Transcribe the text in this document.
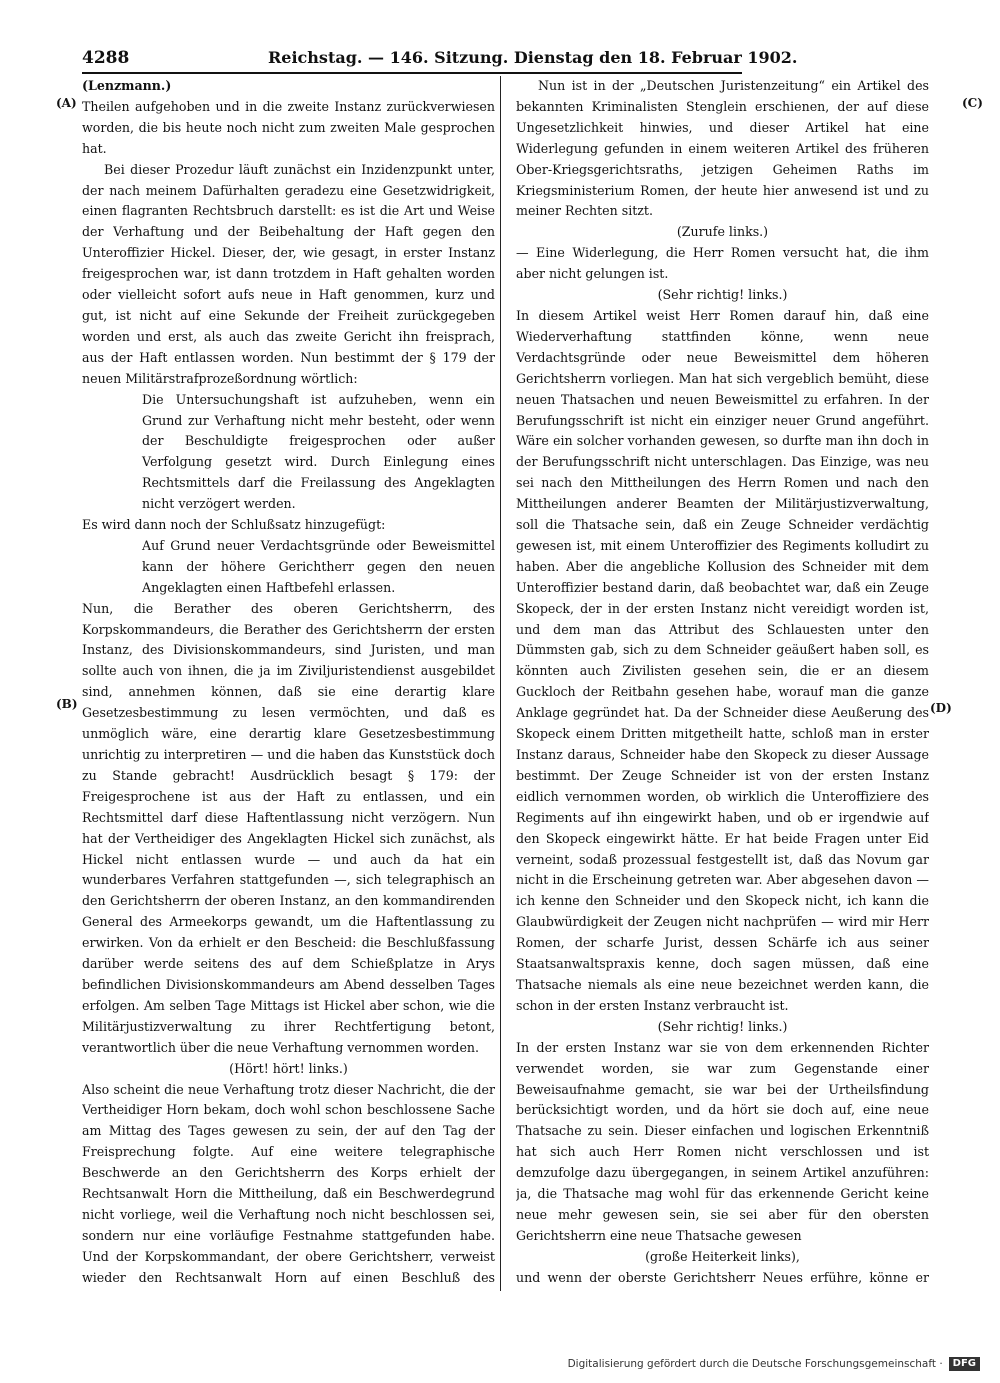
4288	Reichstag. — 146. Sitzung. Dienstag den 18. Februar 1902.
(A)
(B)
(C)
(D)

(Lenzmann.)

Theilen aufgehoben und in die zweite Instanz zurückverwiesen worden, die bis heute noch nicht zum zweiten Male gesprochen hat.

Bei dieser Prozedur läuft zunächst ein Inzidenzpunkt unter, der nach meinem Dafürhalten geradezu eine Gesetzwidrigkeit, einen flagranten Rechtsbruch darstellt: es ist die Art und Weise der Verhaftung und der Beibehaltung der Haft gegen den Unteroffizier Hickel. Dieser, der, wie gesagt, in erster Instanz freigesprochen war, ist dann trotzdem in Haft gehalten worden oder vielleicht sofort aufs neue in Haft genommen, kurz und gut, ist nicht auf eine Sekunde der Freiheit zurückgegeben worden und erst, als auch das zweite Gericht ihn freisprach, aus der Haft entlassen worden. Nun bestimmt der § 179 der neuen Militärstrafprozeßordnung wörtlich:

Die Untersuchungshaft ist aufzuheben, wenn ein Grund zur Verhaftung nicht mehr besteht, oder wenn der Beschuldigte freigesprochen oder außer Verfolgung gesetzt wird. Durch Einlegung eines Rechtsmittels darf die Freilassung des Angeklagten nicht verzögert werden.

Es wird dann noch der Schlußsatz hinzugefügt:

Auf Grund neuer Verdachtsgründe oder Beweismittel kann der höhere Gerichtherr gegen den neuen Angeklagten einen Haftbefehl erlassen.

Nun, die Berather des oberen Gerichtsherrn, des Korpskommandeurs, die Berather des Gerichtsherrn der ersten Instanz, des Divisionskommandeurs, sind Juristen, und man sollte auch von ihnen, die ja im Ziviljuristendienst ausgebildet sind, annehmen können, daß sie eine derartig klare Gesetzesbestimmung zu lesen vermöchten, und daß es unmöglich wäre, eine derartig klare Gesetzesbestimmung unrichtig zu interpretiren — und die haben das Kunststück doch zu Stande gebracht! Ausdrücklich besagt § 179: der Freigesprochene ist aus der Haft zu entlassen, und ein Rechtsmittel darf diese Haftentlassung nicht verzögern. Nun hat der Vertheidiger des Angeklagten Hickel sich zunächst, als Hickel nicht entlassen wurde — und auch da hat ein wunderbares Verfahren stattgefunden —, sich telegraphisch an den Gerichtsherrn der oberen Instanz, an den kommandirenden General des Armeekorps gewandt, um die Haftentlassung zu erwirken. Von da erhielt er den Bescheid: die Beschlußfassung darüber werde seitens des auf dem Schießplatze in Arys befindlichen Divisionskommandeurs am Abend desselben Tages erfolgen. Am selben Tage Mittags ist Hickel aber schon, wie die Militärjustizverwaltung zu ihrer Rechtfertigung betont, verantwortlich über die neue Verhaftung vernommen worden.

(Hört! hört! links.)

Also scheint die neue Verhaftung trotz dieser Nachricht, die der Vertheidiger Horn bekam, doch wohl schon beschlossene Sache am Mittag des Tages gewesen zu sein, der auf den Tag der Freisprechung folgte. Auf eine weitere telegraphische Beschwerde an den Gerichtsherrn des Korps erhielt der Rechtsanwalt Horn die Mittheilung, daß ein Beschwerdegrund nicht vorliege, weil die Verhaftung noch nicht beschlossen sei, sondern nur eine vorläufige Festnahme stattgefunden habe. Und der Korpskommandant, der obere Gerichtsherr, verweist wieder den Rechtsanwalt Horn auf einen Beschluß des

Nun ist in der „Deutschen Juristenzeitung“ ein Artikel des bekannten Kriminalisten Stenglein erschienen, der auf diese Ungesetzlichkeit hinwies, und dieser Artikel hat eine Widerlegung gefunden in einem weiteren Artikel des früheren Ober-Kriegsgerichtsraths, jetzigen Geheimen Raths im Kriegsministerium Romen, der heute hier anwesend ist und zu meiner Rechten sitzt.

(Zurufe links.)

— Eine Widerlegung, die Herr Romen versucht hat, die ihm aber nicht gelungen ist.

(Sehr richtig! links.)

In diesem Artikel weist Herr Romen darauf hin, daß eine Wiederverhaftung stattfinden könne, wenn neue Verdachtsgründe oder neue Beweismittel dem höheren Gerichtsherrn vorliegen. Man hat sich vergeblich bemüht, diese neuen Thatsachen und neuen Beweismittel zu erfahren. In der Berufungsschrift ist nicht ein einziger neuer Grund angeführt. Wäre ein solcher vorhanden gewesen, so durfte man ihn doch in der Berufungsschrift nicht unterschlagen. Das Einzige, was neu sei nach den Mittheilungen des Herrn Romen und nach den Mittheilungen anderer Beamten der Militärjustizverwaltung, soll die Thatsache sein, daß ein Zeuge Schneider verdächtig gewesen ist, mit einem Unteroffizier des Regiments kolludirt zu haben. Aber die angebliche Kollusion des Schneider mit dem Unteroffizier bestand darin, daß beobachtet war, daß ein Zeuge Skopeck, der in der ersten Instanz nicht vereidigt worden ist, und dem man das Attribut des Schlauesten unter den Dümmsten gab, sich zu dem Schneider geäußert haben soll, es könnten auch Zivilisten gesehen sein, die er an diesem Guckloch der Reitbahn gesehen habe, worauf man die ganze Anklage gegründet hat. Da der Schneider diese Aeußerung des Skopeck einem Dritten mitgetheilt hatte, schloß man in erster Instanz daraus, Schneider habe den Skopeck zu dieser Aussage bestimmt. Der Zeuge Schneider ist von der ersten Instanz eidlich vernommen worden, ob wirklich die Unteroffiziere des Regiments auf ihn eingewirkt haben, und ob er irgendwie auf den Skopeck eingewirkt hätte. Er hat beide Fragen unter Eid verneint, sodaß prozessual festgestellt ist, daß das Novum gar nicht in die Erscheinung getreten war. Aber abgesehen davon — ich kenne den Schneider und den Skopeck nicht, ich kann die Glaubwürdigkeit der Zeugen nicht nachprüfen — wird mir Herr Romen, der scharfe Jurist, dessen Schärfe ich aus seiner Staatsanwaltspraxis kenne, doch sagen müssen, daß eine Thatsache niemals als eine neue bezeichnet werden kann, die schon in der ersten Instanz verbraucht ist.

(Sehr richtig! links.)

In der ersten Instanz war sie von dem erkennenden Richter verwendet worden, sie war zum Gegenstande einer Beweisaufnahme gemacht, sie war bei der Urtheilsfindung berücksichtigt worden, und da hört sie doch auf, eine neue Thatsache zu sein. Dieser einfachen und logischen Erkenntniß hat sich auch Herr Romen nicht verschlossen und ist demzufolge dazu übergegangen, in seinem Artikel anzuführen: ja, die Thatsache mag wohl für das erkennende Gericht keine neue mehr gewesen sein, sie sei aber für den obersten Gerichtsherrn eine neue Thatsache gewesen

(große Heiterkeit links),

und wenn der oberste Gerichtsherr Neues erführe, könne er

Digitalisierung gefördert durch die Deutsche Forschungsgemeinschaft · DFG
